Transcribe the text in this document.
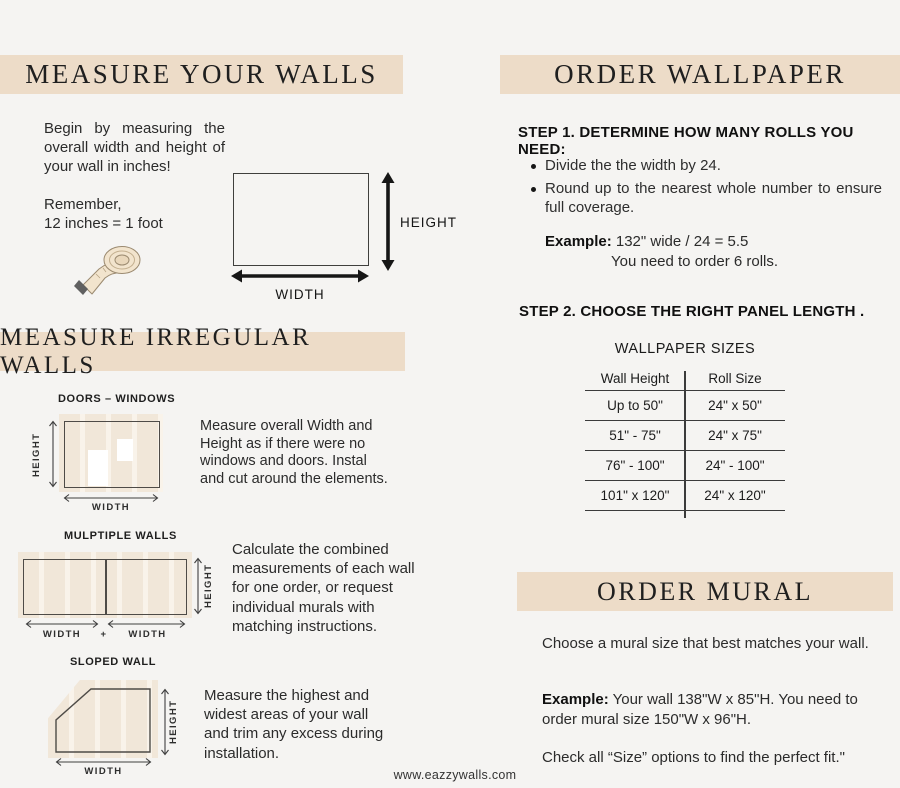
MEASURE YOUR WALLS	ORDER WALLPAPER
MEASURE IRREGULAR WALLS
ORDER MURAL
Begin by measuring the overall width and height of your wall in inches!
Remember,
12 inches = 1 foot	HEIGHT
WIDTH
DOORS – WINDOWS
HEIGHT
WIDTH
Measure overall Width and Height as if there were no windows and doors. Instal and cut around the elements.
MULPTIPLE WALLS
HEIGHT
WIDTH	+	WIDTH
Calculate the combined measurements of each wall for one order, or request individual murals with matching instructions.
SLOPED WALL
HEIGHT
WIDTH
Measure the highest and widest areas of your wall and trim any excess during installation.
STEP 1. DETERMINE HOW MANY ROLLS YOU NEED:
Divide the the width by 24.
Round up to the nearest whole number to ensure full coverage.
Example: 132" wide / 24 = 5.5
You need to order 6 rolls.
STEP 2. CHOOSE THE RIGHT PANEL LENGTH .
WALLPAPER SIZES
Wall Height	Roll Size
Up to 50"	24" x 50"
51" - 75"	24" x 75"
76" - 100"	24" - 100"
101" x 120"	24" x 120"
Choose a mural size that best matches your wall.
Example: Your wall 138"W x 85"H. You need to order mural size 150"W x 96"H.
Check all “Size” options to find the perfect fit."
www.eazzywalls.com
